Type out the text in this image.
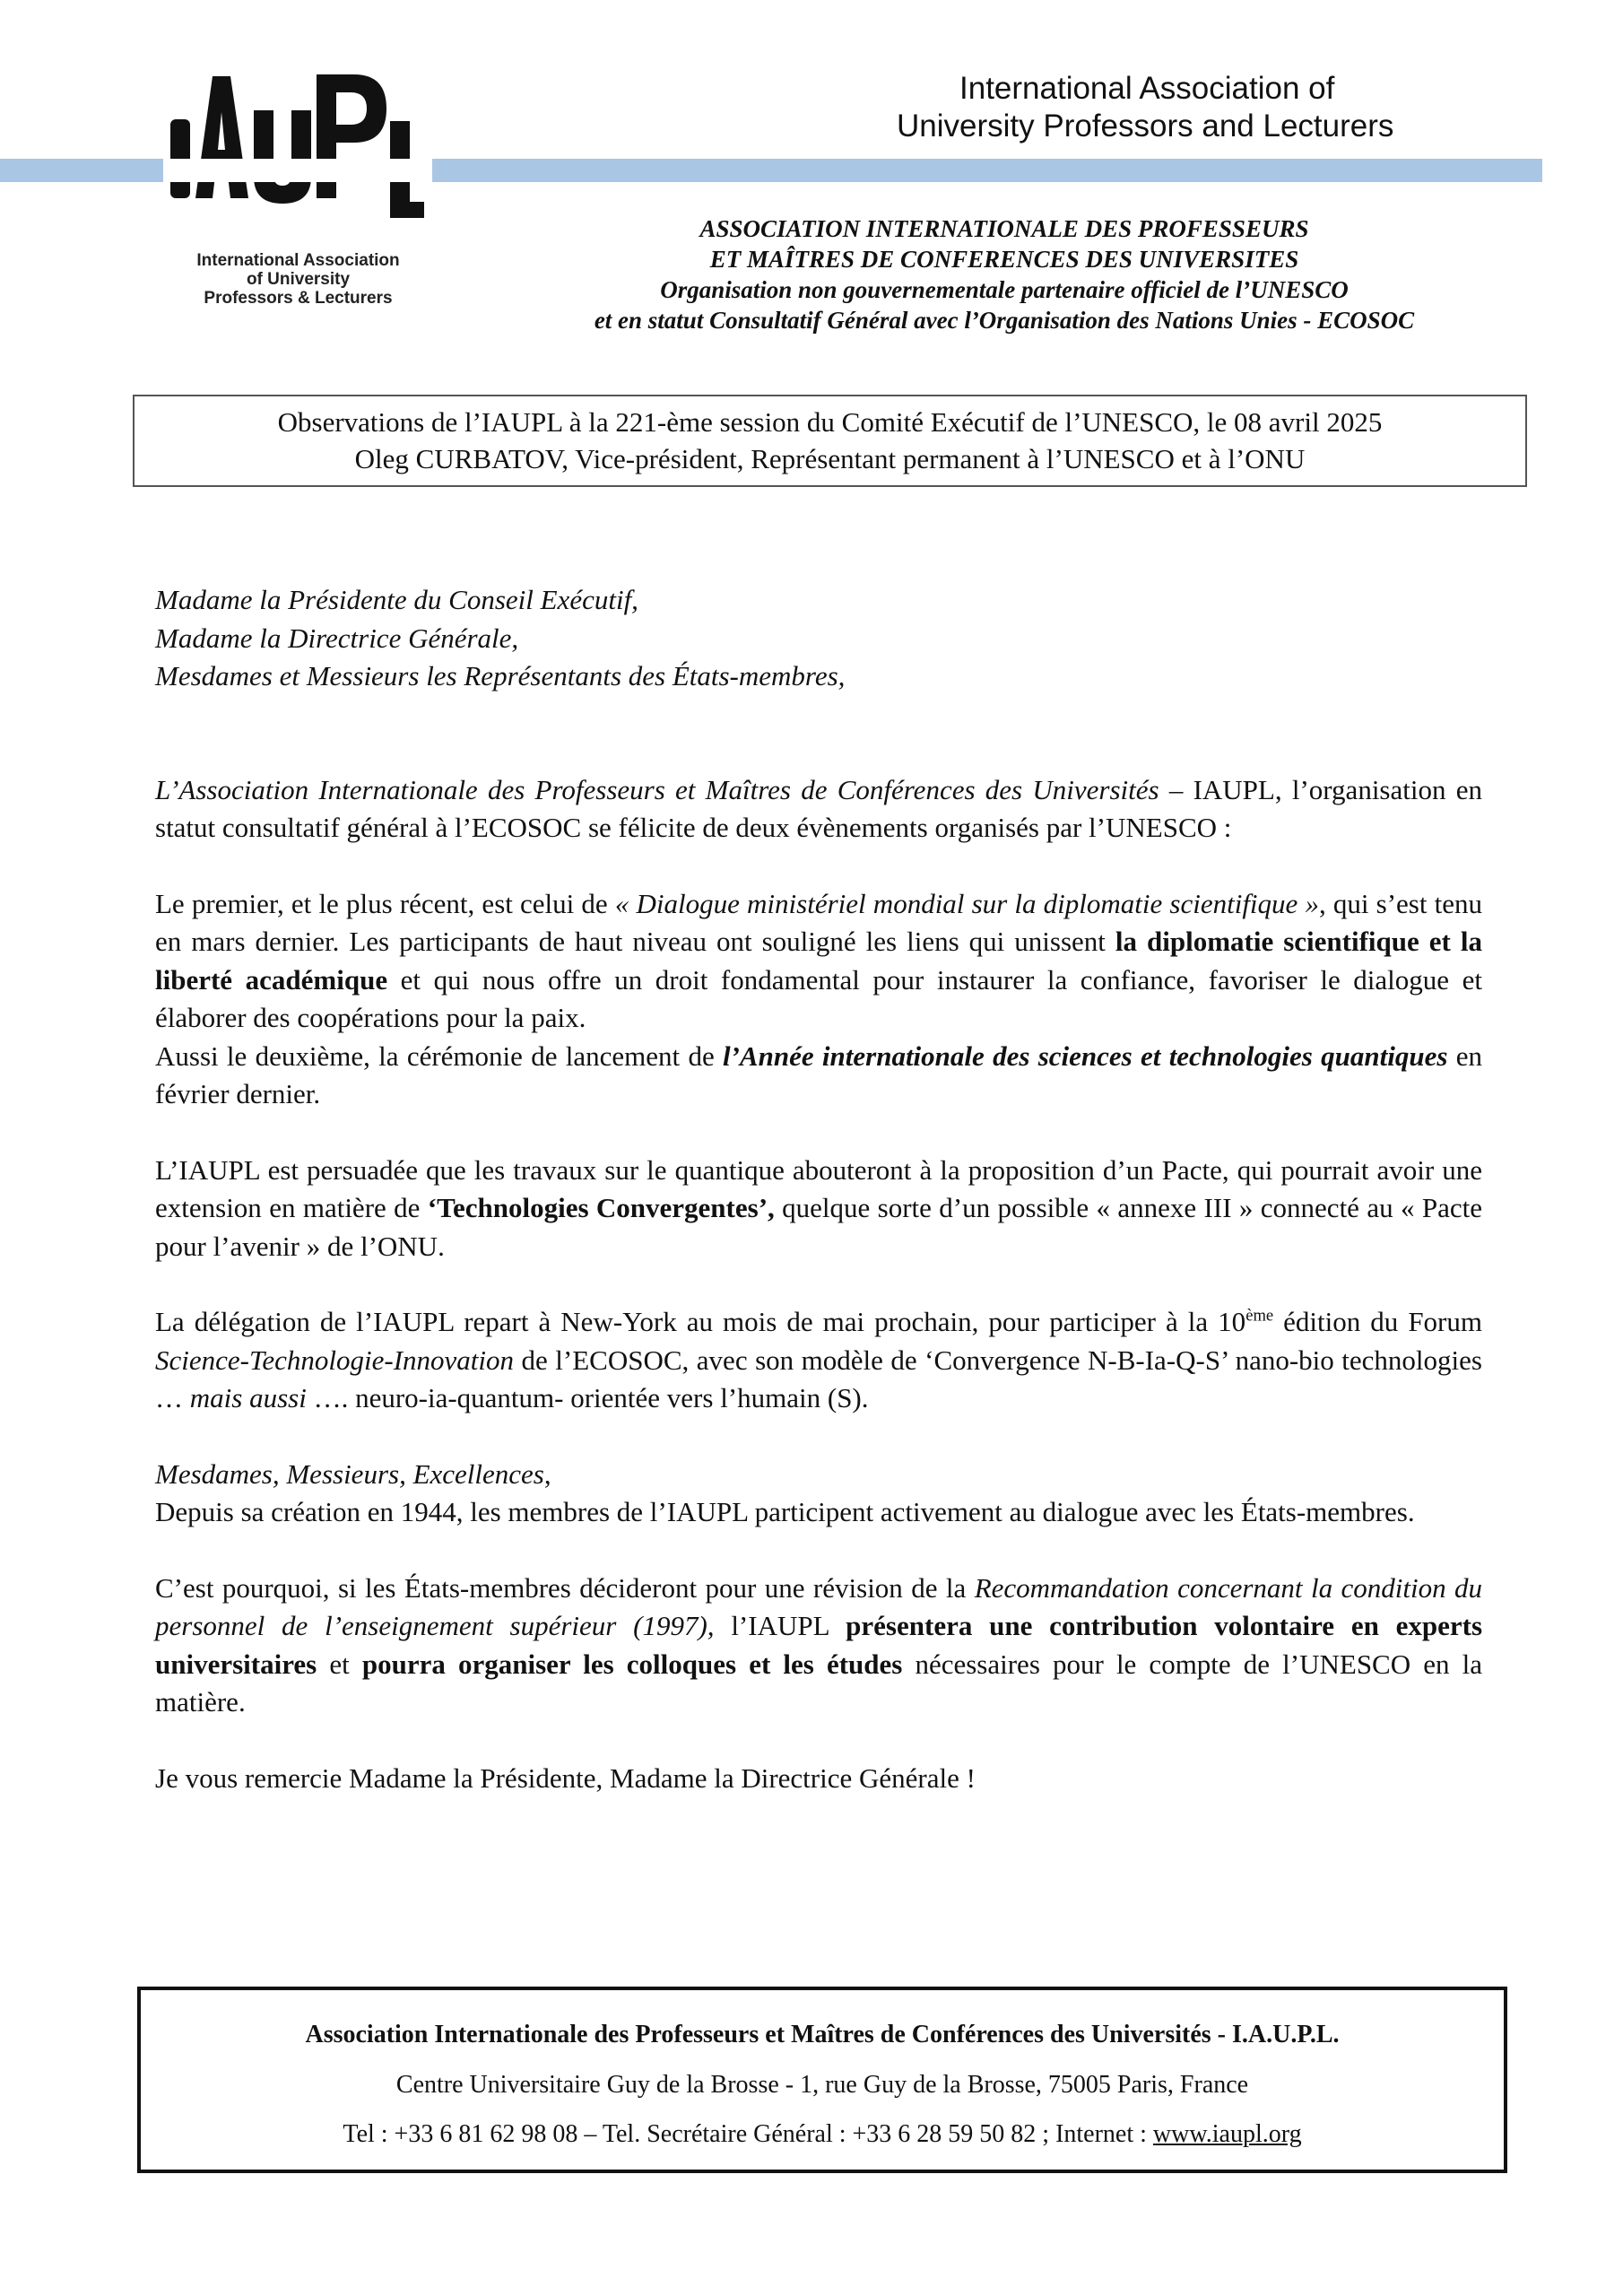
International Association
of University
Professors & Lecturers
International Association of
University Professors and Lecturers
ASSOCIATION INTERNATIONALE DES PROFESSEURS
ET MAÎTRES DE CONFERENCES DES UNIVERSITES
Organisation non gouvernementale partenaire officiel de l’UNESCO
et en statut Consultatif Général avec l’Organisation des Nations Unies - ECOSOC
Observations de l’IAUPL à la 221-ème session du Comité Exécutif de l’UNESCO, le 08 avril 2025
Oleg CURBATOV, Vice-président, Représentant permanent à l’UNESCO et à l’ONU
Madame la Présidente du Conseil Exécutif,
Madame la Directrice Générale,
Mesdames et Messieurs les Représentants des États-membres,

L’Association Internationale des Professeurs et Maîtres de Conférences des Universités – IAUPL, l’organisation en statut consultatif général à l’ECOSOC se félicite de deux évènements organisés par l’UNESCO :

Le premier, et le plus récent, est celui de « Dialogue ministériel mondial sur la diplomatie scientifique », qui s’est tenu en mars dernier. Les participants de haut niveau ont souligné les liens qui unissent la diplomatie scientifique et la liberté académique et qui nous offre un droit fondamental pour instaurer la confiance, favoriser le dialogue et élaborer des coopérations pour la paix.

Aussi le deuxième, la cérémonie de lancement de l’Année internationale des sciences et technologies quantiques en février dernier.

L’IAUPL est persuadée que les travaux sur le quantique abouteront à la proposition d’un Pacte, qui pourrait avoir une extension en matière de ‘Technologies Convergentes’, quelque sorte d’un possible « annexe III » connecté au « Pacte pour l’avenir » de l’ONU.

La délégation de l’IAUPL repart à New-York au mois de mai prochain, pour participer à la 10ème édition du Forum Science-Technologie-Innovation de l’ECOSOC, avec son modèle de ‘Convergence N-B-Ia-Q-S’ nano-bio technologies … mais aussi …. neuro-ia-quantum- orientée vers l’humain (S).

Mesdames, Messieurs, Excellences,

Depuis sa création en 1944, les membres de l’IAUPL participent activement au dialogue avec les États-membres.

C’est pourquoi, si les États-membres décideront pour une révision de la Recommandation concernant la condition du personnel de l’enseignement supérieur (1997), l’IAUPL présentera une contribution volontaire en experts universitaires et pourra organiser les colloques et les études nécessaires pour le compte de l’UNESCO en la matière.

Je vous remercie Madame la Présidente, Madame la Directrice Générale !

Association Internationale des Professeurs et Maîtres de Conférences des Universités - I.A.U.P.L.
Centre Universitaire Guy de la Brosse - 1, rue Guy de la Brosse, 75005 Paris, France
Tel : +33 6 81 62 98 08 – Tel. Secrétaire Général : +33 6 28 59 50 82 ; Internet : www.iaupl.org
